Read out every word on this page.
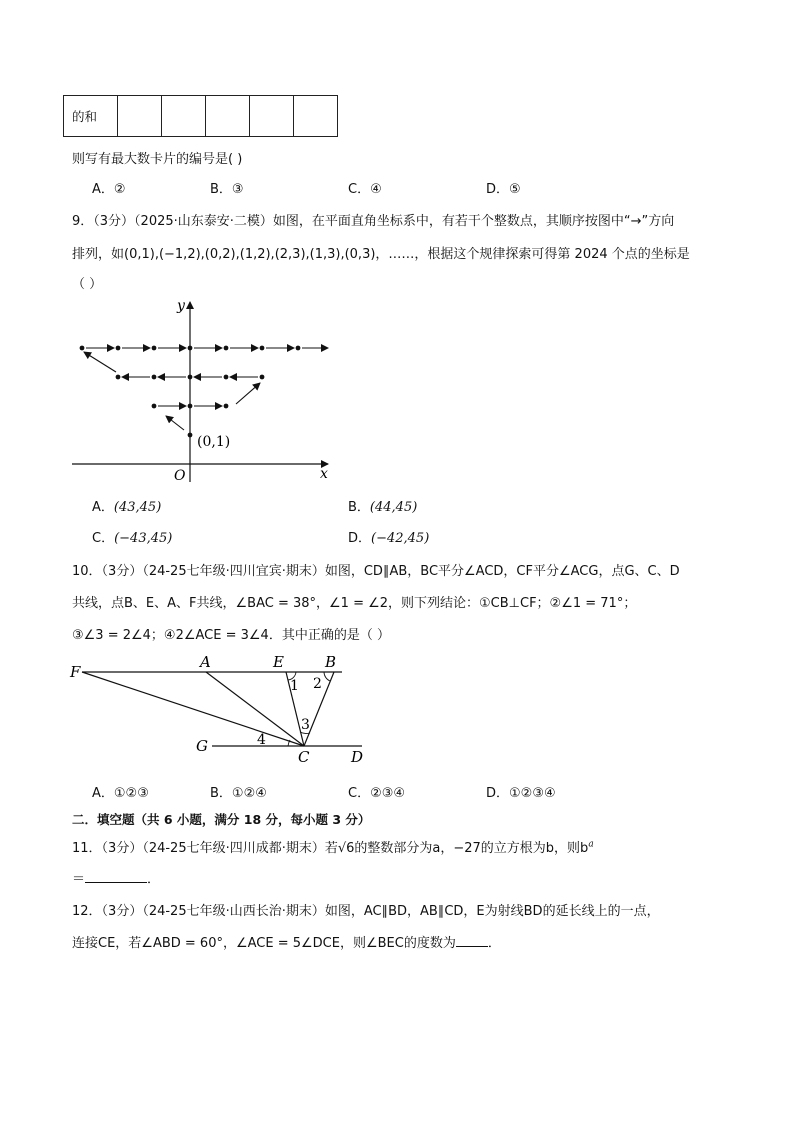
的和					
则写有最大数卡片的编号是( )
A．②	B．③	C．④	D．⑤
9．（3分）（2025·山东泰安·二模）如图，在平面直角坐标系中，有若干个整数点，其顺序按图中“→”方向
排列，如(0,1),(−1,2),(0,2),(1,2),(2,3),(1,3),(0,3)，……，根据这个规律探索可得第 2024 个点的坐标是
（ ）
y
x
O
(0,1)
A．(43,45)	B．(44,45)
C．(−43,45)	D．(−42,45)
10．（3分）（24-25七年级·四川宜宾·期末）如图，CD∥AB，BC平分∠ACD，CF平分∠ACG，点G、C、D
共线，点B、E、A、F共线，∠BAC = 38°，∠1 = ∠2，则下列结论：①CB⊥CF；②∠1 = 71°；
③∠3 = 2∠4；④2∠ACE = 3∠4．其中正确的是（ ）
F
A	E	B
G
C	D
1 2
3
4
A．①②③	B．①②④	C．②③④	D．①②③④
二．填空题（共 6 小题，满分 18 分，每小题 3 分）
11．（3分）（24-25七年级·四川成都·期末）若√6的整数部分为a，−27的立方根为b，则$b^a$
＝	．
12．（3分）（24-25七年级·山西长治·期末）如图，AC∥BD，AB∥CD，E为射线BD的延长线上的一点，
连接CE，若∠ABD = 60°，∠ACE = 5∠DCE，则∠BEC的度数为 ．
